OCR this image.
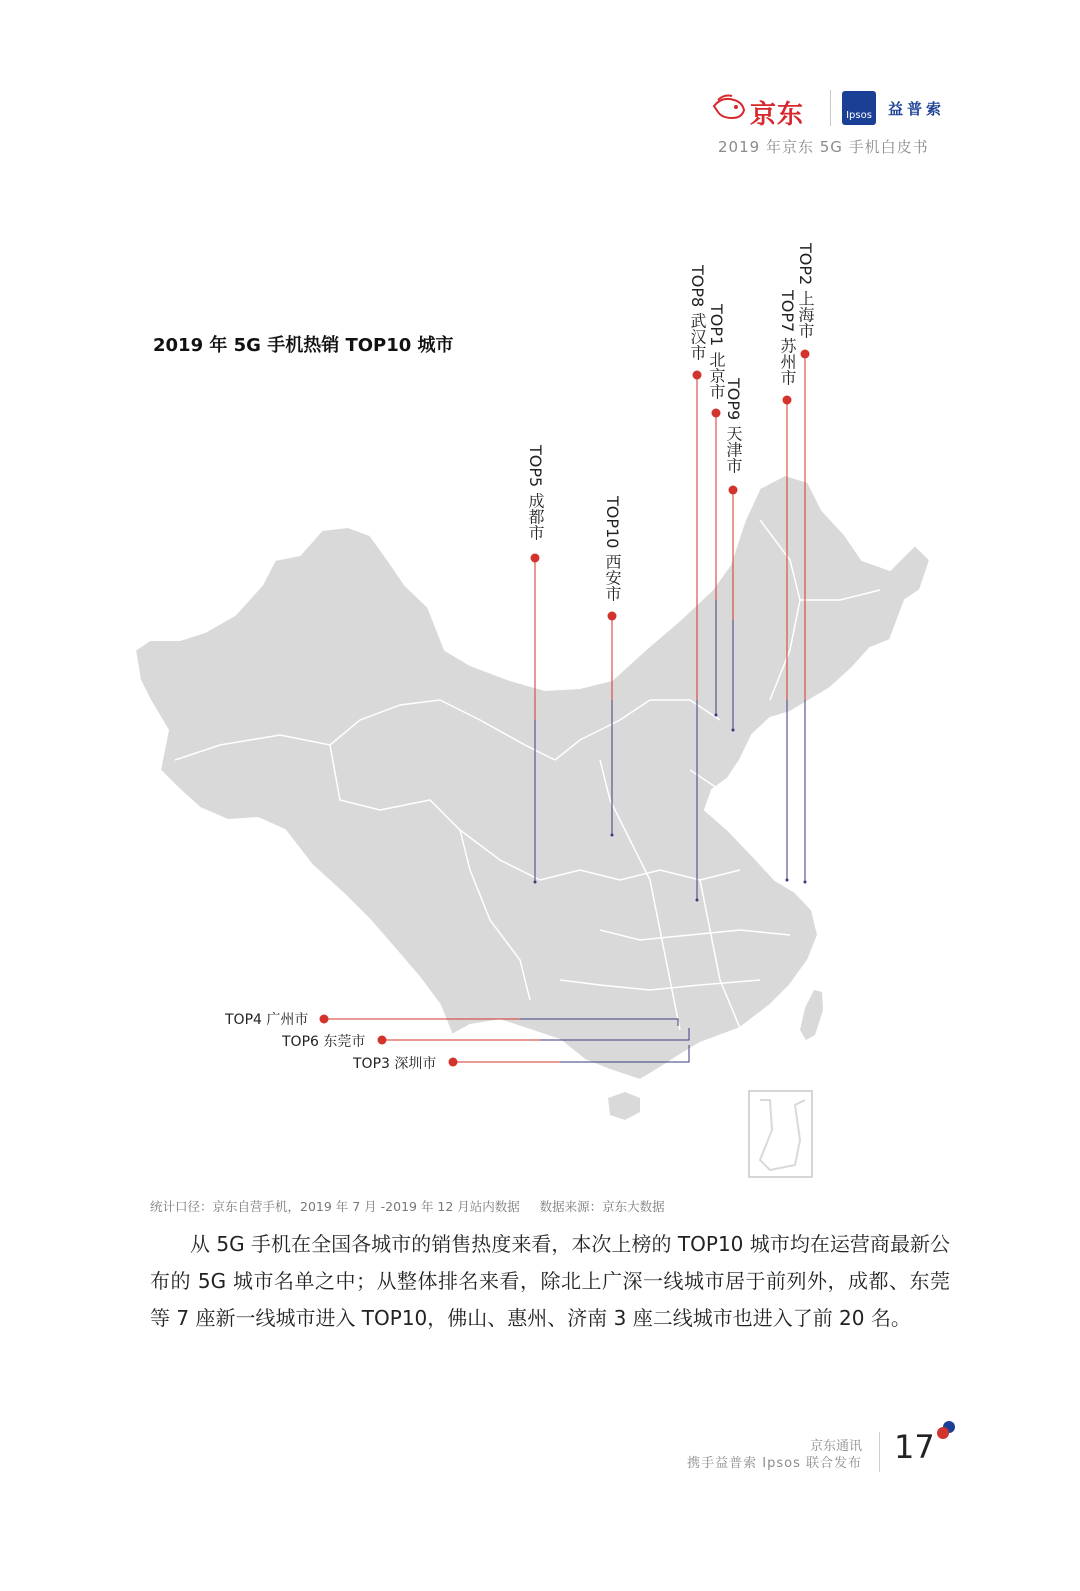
京东	Ipsos 益普索
2019 年京东 5G 手机白皮书
2019 年 5G 手机热销 TOP10 城市
TOP5 成都市
TOP10 西安市
TOP8 武汉市 TOP1 北京市
TOP9 天津市
TOP7 苏州市 TOP2 上海市
TOP4 广州市
TOP6 东莞市
TOP3 深圳市
统计口径：京东自营手机，2019 年 7 月 -2019 年 12 月站内数据     数据来源：京东大数据

从 5G 手机在全国各城市的销售热度来看，本次上榜的 TOP10 城市均在运营商最新公布的 5G 城市名单之中；从整体排名来看，除北上广深一线城市居于前列外，成都、东莞等 7 座新一线城市进入 TOP10，佛山、惠州、济南 3 座二线城市也进入了前 20 名。

京东通讯
携手益普索 Ipsos 联合发布 17
